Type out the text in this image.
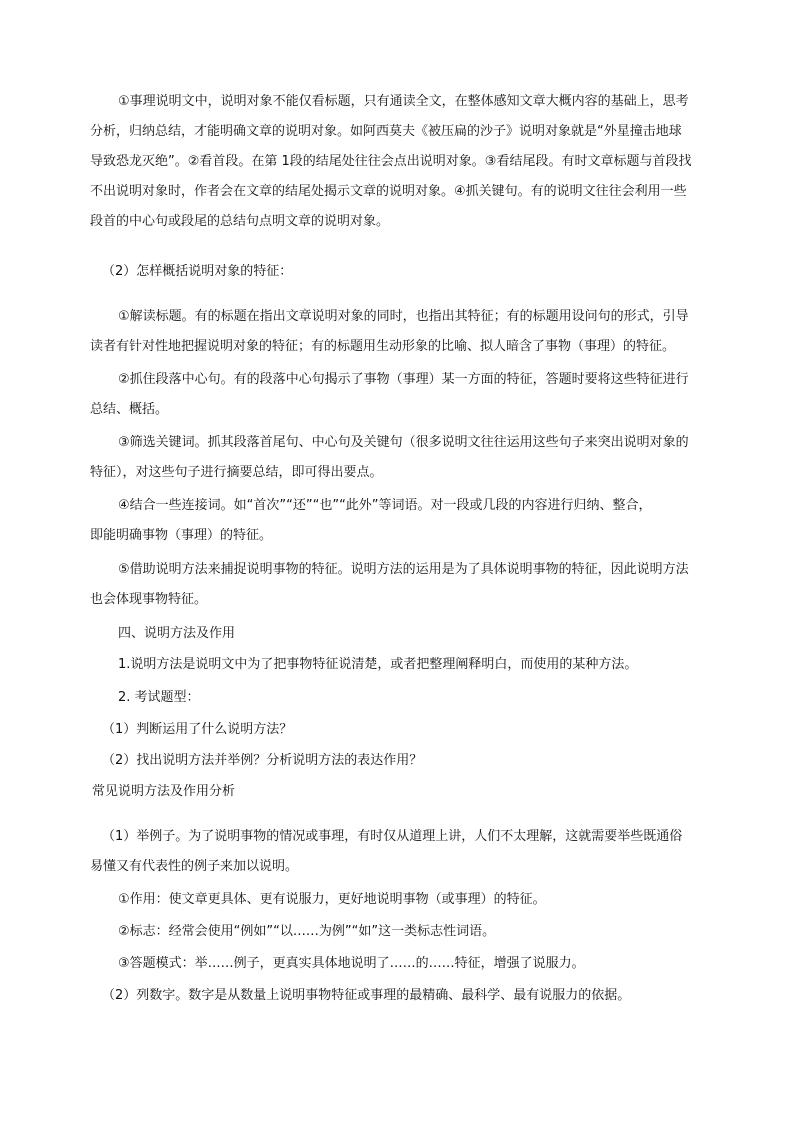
①事理说明文中，说明对象不能仅看标题，只有通读全文，在整体感知文章大概内容的基础上，思考
分析，归纳总结，才能明确文章的说明对象。如阿西莫夫《被压扁的沙子》说明对象就是“外星撞击地球
导致恐龙灭绝”。②看首段。在第 1段的结尾处往往会点出说明对象。③看结尾段。有时文章标题与首段找
不出说明对象时，作者会在文章的结尾处揭示文章的说明对象。④抓关键句。有的说明文往往会利用一些
段首的中心句或段尾的总结句点明文章的说明对象。
（2）怎样概括说明对象的特征：
①解读标题。有的标题在指出文章说明对象的同时，也指出其特征；有的标题用设问句的形式，引导
读者有针对性地把握说明对象的特征；有的标题用生动形象的比喻、拟人暗含了事物（事理）的特征。
②抓住段落中心句。有的段落中心句揭示了事物（事理）某一方面的特征，答题时要将这些特征进行
总结、概括。
③筛选关键词。抓其段落首尾句、中心句及关键句（很多说明文往往运用这些句子来突出说明对象的
特征），对这些句子进行摘要总结，即可得出要点。
④结合一些连接词。如“首次”“还”“也”“此外”等词语。对一段或几段的内容进行归纳、整合，
即能明确事物（事理）的特征。
⑤借助说明方法来捕捉说明事物的特征。说明方法的运用是为了具体说明事物的特征，因此说明方法
也会体现事物特征。
四、说明方法及作用
1.说明方法是说明文中为了把事物特征说清楚，或者把整理阐释明白，而使用的某种方法。
2. 考试题型：
（1）判断运用了什么说明方法？
（2）找出说明方法并举例？分析说明方法的表达作用？
常见说明方法及作用分析
（1）举例子。为了说明事物的情况或事理，有时仅从道理上讲，人们不太理解，这就需要举些既通俗
易懂又有代表性的例子来加以说明。
①作用：使文章更具体、更有说服力，更好地说明事物（或事理）的特征。
②标志：经常会使用“例如”“以……为例”“如”这一类标志性词语。
③答题模式：举……例子，更真实具体地说明了……的……特征，增强了说服力。
（2）列数字。数字是从数量上说明事物特征或事理的最精确、最科学、最有说服力的依据。
